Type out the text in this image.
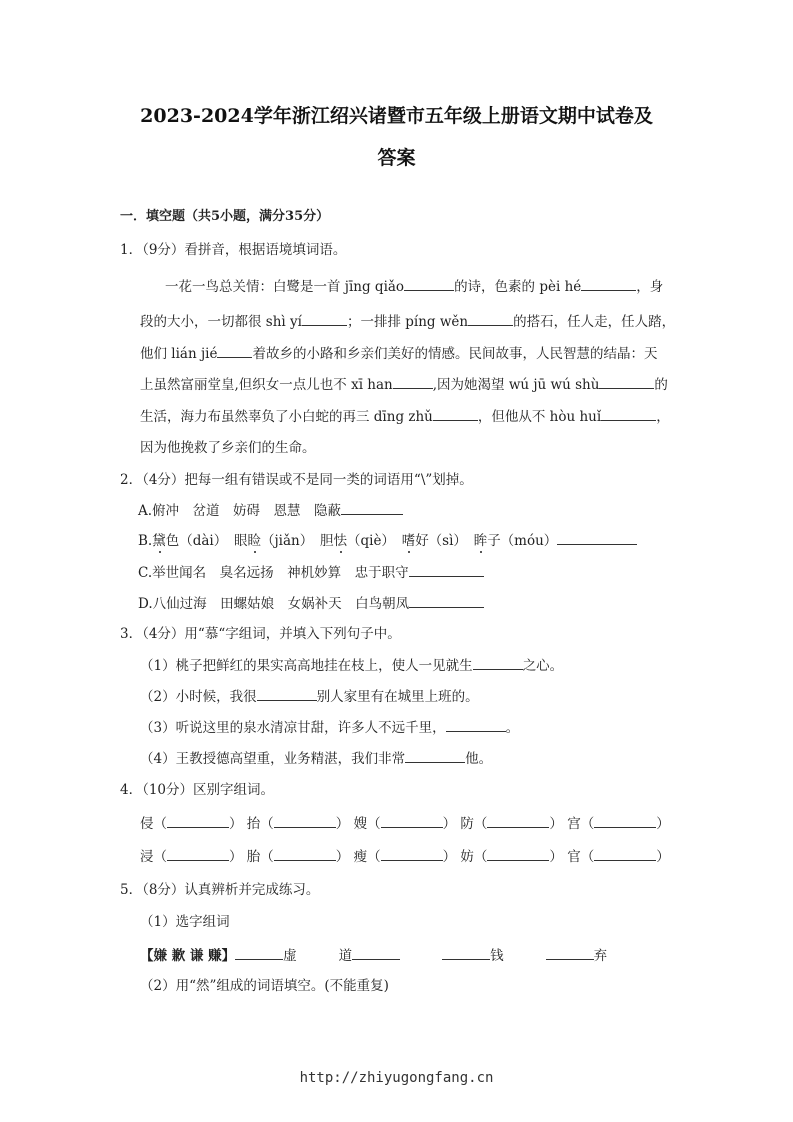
2023-2024学年浙江绍兴诸暨市五年级上册语文期中试卷及
答案
一．填空题（共5小题，满分35分）
1．（9分）看拼音，根据语境填词语。
一花一鸟总关情：白鹭是一首 jīng qiǎo	的诗，色素的 pèi hé	，身
段的大小，一切都很 shì yí	；一排排 píng wěn	的搭石，任人走，任人踏，
他们 lián jié	着故乡的小路和乡亲们美好的情感。民间故事，人民智慧的结晶：天
上虽然富丽堂皇,但织女一点儿也不 xī han	,因为她渴望 wú jū wú shù	的
生活，海力布虽然辜负了小白蛇的再三 dīng zhǔ	，但他从不 hòu huǐ	，
因为他挽救了乡亲们的生命。
2．（4分）把每一组有错误或不是同一类的词语用“\”划掉。
A.俯冲　岔道　妨碍　恩慧　隐蔽
B.黛色（dài）　眼睑（jiǎn）　胆怯（qiè）　嗜好（sì）　眸子（móu）
C.举世闻名　臭名远扬　神机妙算　忠于职守
D.八仙过海　田螺姑娘　女娲补天　白鸟朝凤
3．（4分）用“慕“字组词，并填入下列句子中。
（1）桃子把鲜红的果实高高地挂在枝上，使人一见就生	之心。
（2）小时候，我很	别人家里有在城里上班的。
（3）听说这里的泉水清凉甘甜，许多人不远千里，	。
（4）王教授德高望重，业务精湛，我们非常	他。
4．（10分）区别字组词。
侵（	） 抬（	） 嫂（	） 防（	） 宫（	）
浸（	） 胎（	） 瘦（	） 妨（	） 官（	）
5．（8分）认真辨析并完成练习。
（1）选字组词
【嫌 歉 谦 赚】	虚	道	钱	弃
（2）用“然”组成的词语填空。(不能重复)
http://zhiyugongfang.cn
